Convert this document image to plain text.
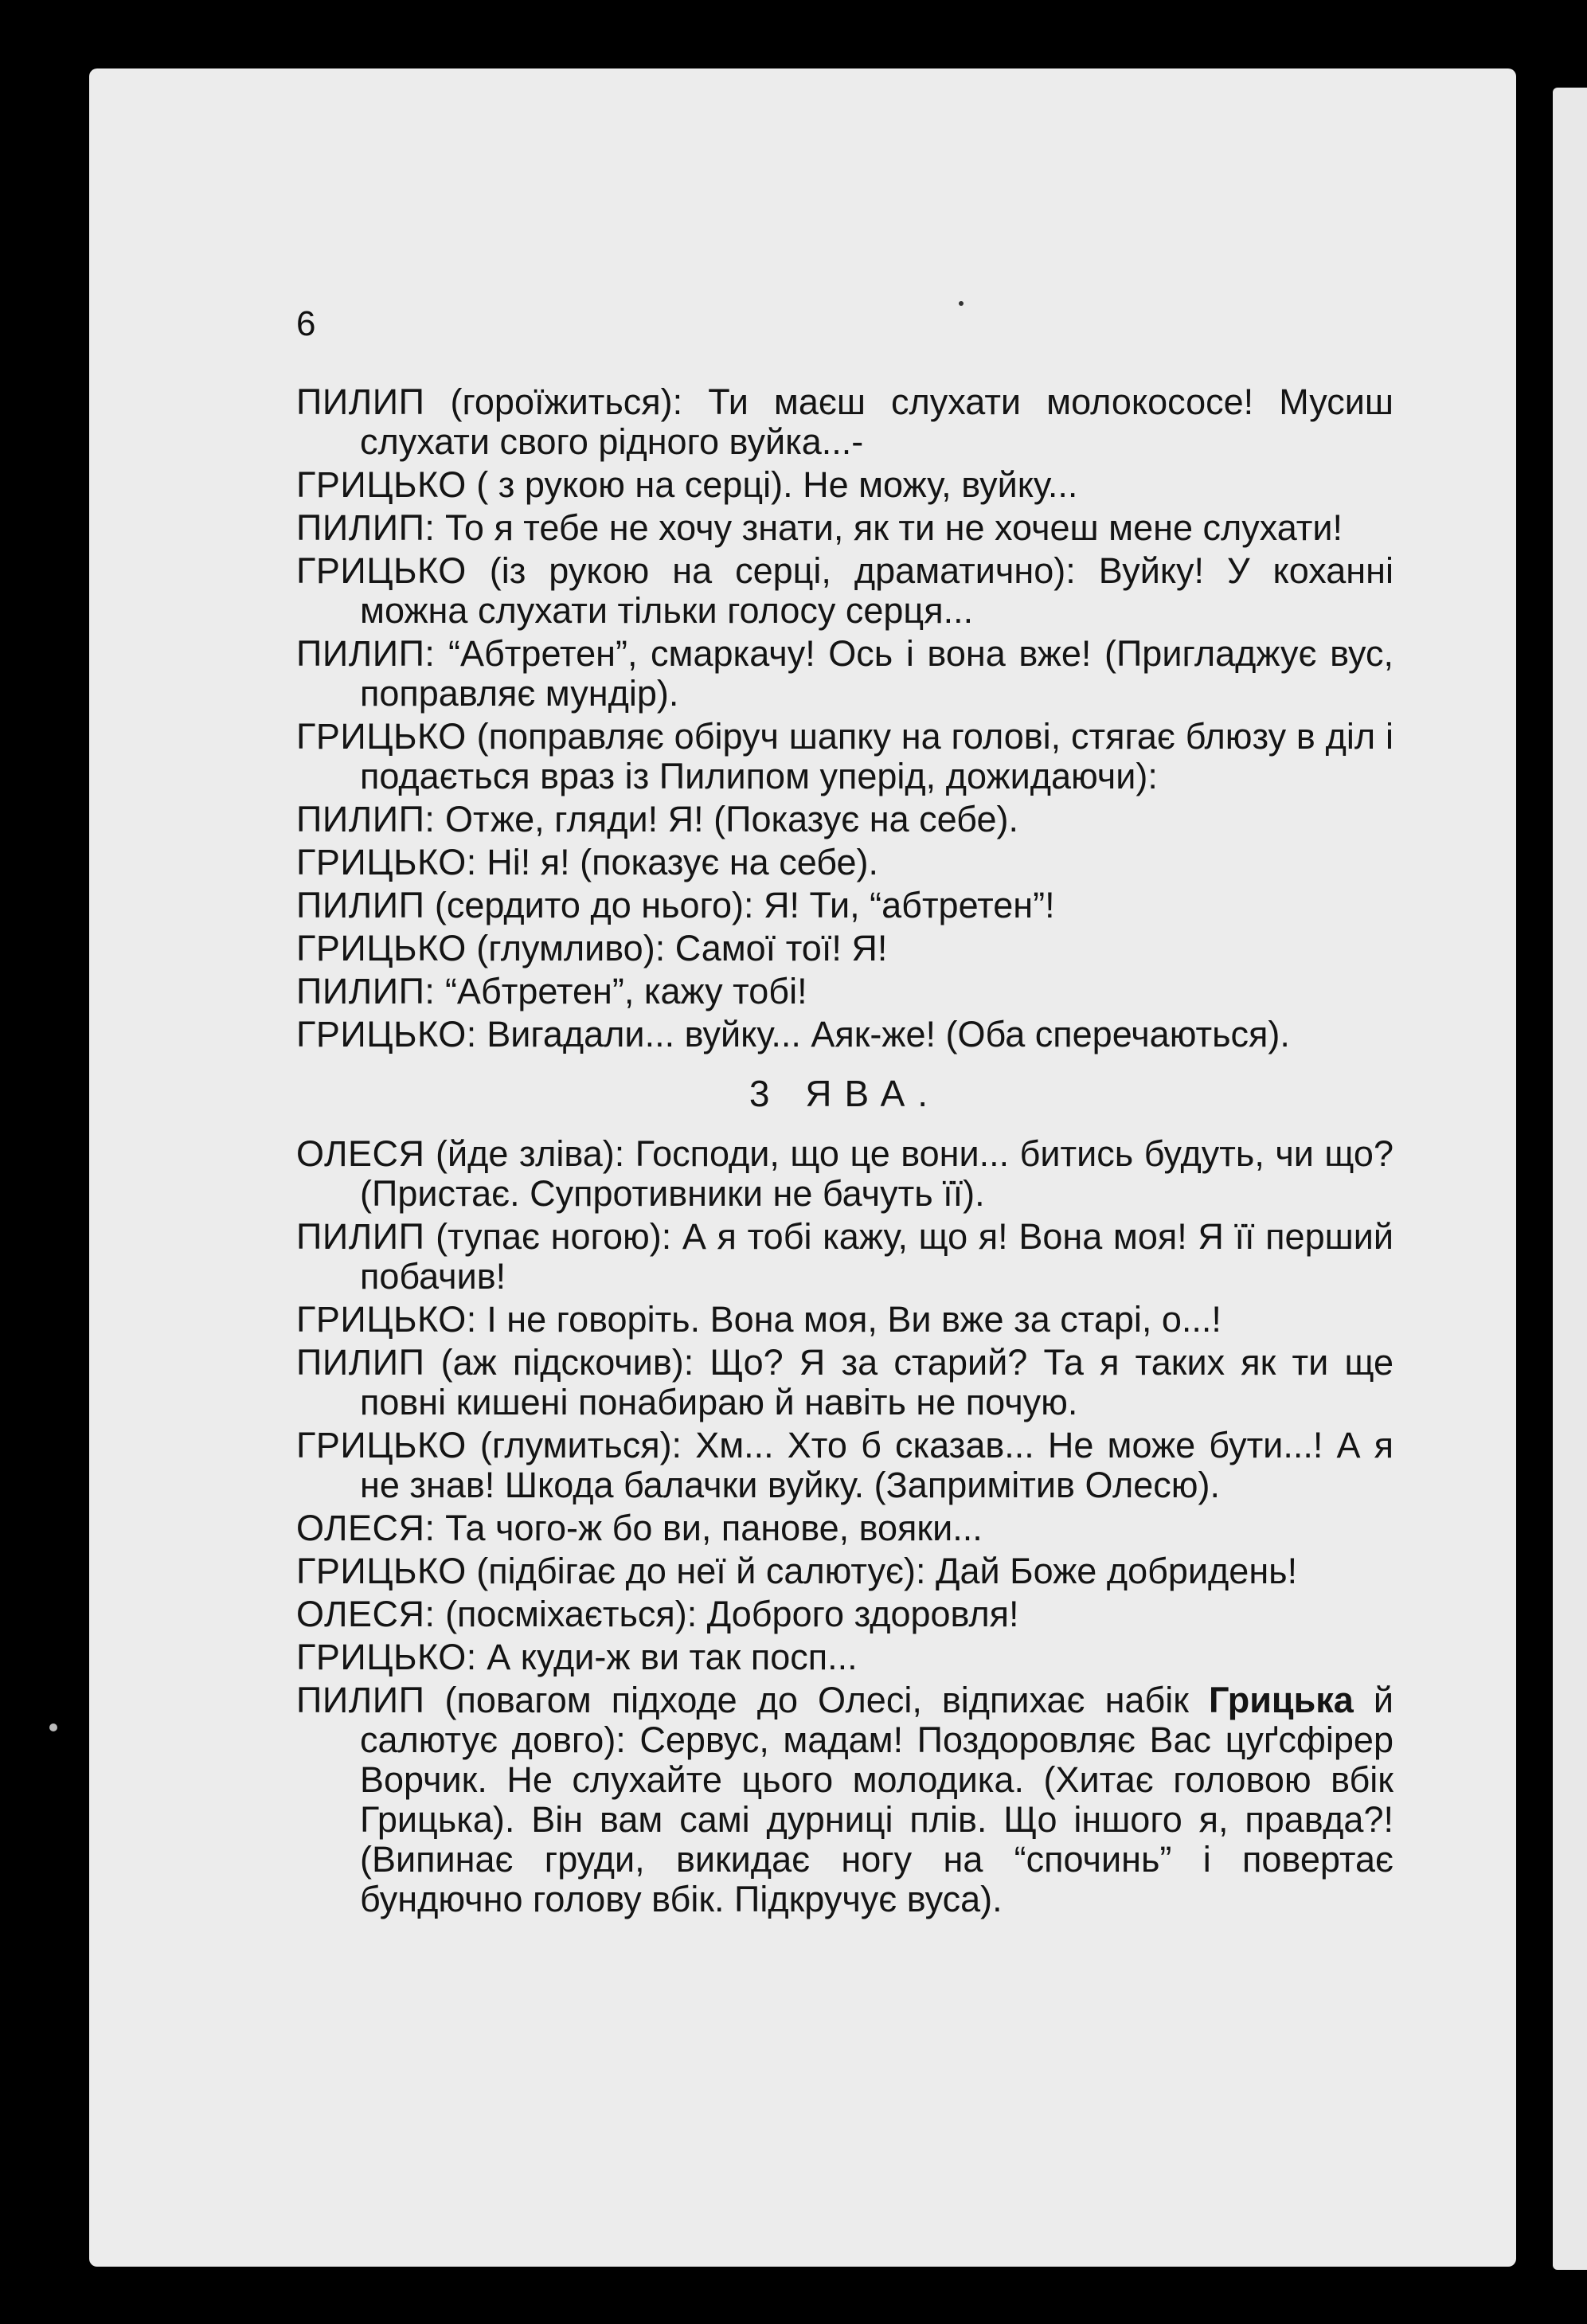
6

ПИЛИП (гороїжиться): Ти маєш слухати молокососе! Мусиш слухати свого рідного вуйка...-

ГРИЦЬКО ( з рукою на серці). Не можу, вуйку...

ПИЛИП: То я тебе не хочу знати, як ти не хочеш мене слухати!

ГРИЦЬКО (із рукою на серці, драматично): Вуйку! У коханні можна слухати тільки голосу серця...

ПИЛИП: “Абтретен”, смаркачу! Ось і вона вже! (Пригладжує вус, поправляє мундір).

ГРИЦЬКО (поправляє обіруч шапку на голові, стягає блюзу в діл і подається враз із Пилипом уперід, дожидаючи):

ПИЛИП: Отже, гляди! Я! (Показує на себе).

ГРИЦЬКО: Ні! я! (показує на себе).

ПИЛИП (сердито до нього): Я! Ти, “абтретен”!

ГРИЦЬКО (глумливо): Самої тої! Я!

ПИЛИП: “Абтретен”, кажу тобі!

ГРИЦЬКО: Вигадали... вуйку... Аяк-же! (Оба сперечаються).

3 ЯВА.

ОЛЕСЯ (йде зліва): Господи, що це вони... битись будуть, чи що? (Пристає. Супротивники не бачуть її).

ПИЛИП (тупає ногою): А я тобі кажу, що я! Вона моя! Я її перший побачив!

ГРИЦЬКО: І не говоріть. Вона моя, Ви вже за старі, о...!

ПИЛИП (аж підскочив): Що? Я за старий? Та я таких як ти ще повні кишені понабираю й навіть не почую.

ГРИЦЬКО (глумиться): Хм... Хто б сказав... Не може бути...! А я не знав! Шкода балачки вуйку. (Запримітив Олесю).

ОЛЕСЯ: Та чого-ж бо ви, панове, вояки...

ГРИЦЬКО (підбігає до неї й салютує): Дай Боже добридень!

ОЛЕСЯ: (посміхається): Доброго здоровля!

ГРИЦЬКО: А куди-ж ви так посп...

ПИЛИП (повагом підходе до Олесі, відпихає набік Грицька й салютує довго): Сервус, мадам! Поздоровляє Вас цуґсфірер Ворчик. Не слухайте цього молодика. (Хитає головою вбік Грицька). Він вам самі дурниці плів. Що іншого я, правда?! (Випинає груди, викидає ногу на “спочинь” і повертає бундючно голову вбік. Підкручує вуса).
